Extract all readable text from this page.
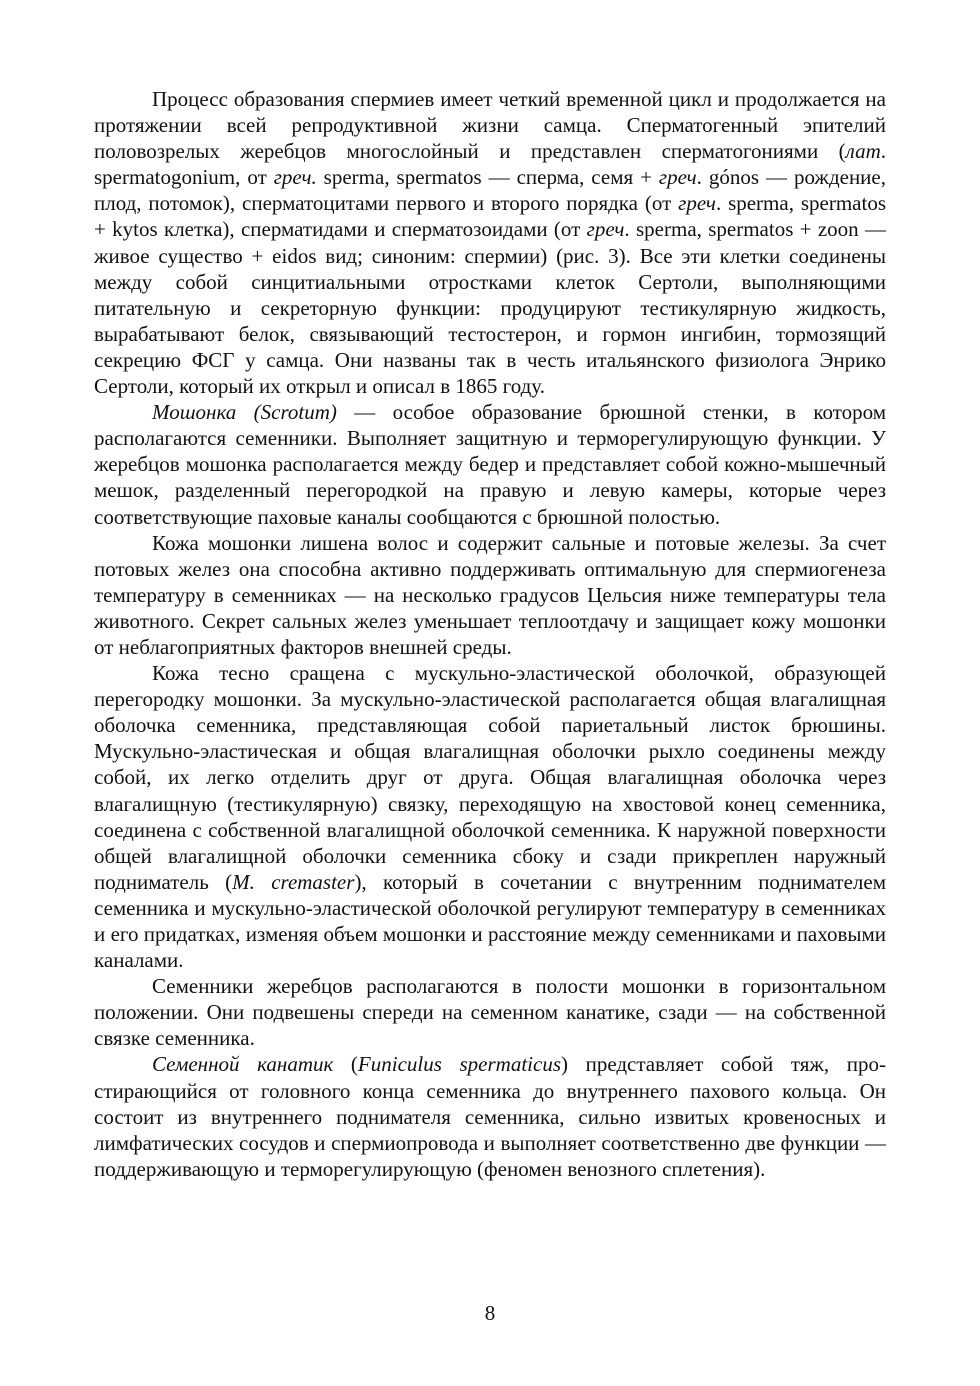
Процесс образования спермиев имеет четкий временной цикл и продолжается на протяжении всей репродуктивной жизни самца. Сперматогенный эпителий половозрелых жеребцов многослойный и представлен сперматогониями (лат. spermatogonium, от греч. sperma, spermatos — сперма, семя + греч. gónos — рождение, плод, потомок), сперматоцитами первого и второго порядка (от греч. sperma, spermatos + kytos клетка), сперматидами и сперматозоидами (от греч. sperma, spermatos + zoon — живое существо + eidos вид; синоним: спермии) (рис. 3). Все эти клетки соединены между собой синцитиальными отростками клеток Сертоли, выполняющими питательную и секреторную функции: продуцируют тестикулярную жидкость, вырабатывают белок, связывающий тестостерон, и гормон ингибин, тормозящий секрецию ФСГ у самца. Они названы так в честь итальянского физиолога Энрико Сертоли, который их открыл и описал в 1865 году.

Мошонка (Scrotum) — особое образование брюшной стенки, в котором располагаются семенники. Выполняет защитную и терморегулирующую функции. У жеребцов мошонка располагается между бедер и представляет собой кожно-мышечный мешок, разделенный перегородкой на правую и левую камеры, которые через соответствующие паховые каналы сообщаются с брюшной полостью.

Кожа мошонки лишена волос и содержит сальные и потовые железы. За счет потовых желез она способна активно поддерживать оптимальную для спермиогенеза температуру в семенниках — на несколько градусов Цельсия ниже температуры тела животного. Секрет сальных желез уменьшает теплоотдачу и защищает кожу мошонки от неблагоприятных факторов внешней среды.

Кожа тесно сращена с мускульно-эластической оболочкой, образующей перегородку мошонки. За мускульно-эластической располагается общая влагалищная оболочка семенника, представляющая собой париетальный листок брюшины. Мускульно-эластическая и общая влагалищная оболочки рыхло соединены между собой, их легко отделить друг от друга. Общая влагалищная оболочка через влагалищную (тестикулярную) связку, переходящую на хвостовой конец семенника, соединена с собственной влагалищной оболочкой семенника. К наружной поверхности общей влагалищной оболочки семенника сбоку и сзади прикреплен наружный подниматель (M. cremaster), который в сочетании с внутренним поднимателем семенника и мускульно-эластической оболочкой регулируют температуру в семенниках и его придатках, изменяя объем мошонки и расстояние между семенниками и паховыми каналами.

Семенники жеребцов располагаются в полости мошонки в горизонтальном положении. Они подвешены спереди на семенном канатике, сзади — на собственной связке семенника.

Семенной канатик (Funiculus spermaticus) представляет собой тяж, простирающийся от головного конца семенника до внутреннего пахового кольца. Он состоит из внутреннего поднимателя семенника, сильно извитых кровеносных и лимфатических сосудов и спермиопровода и выполняет соответственно две функции — поддерживающую и терморегулирующую (феномен венозного сплетения).

8
